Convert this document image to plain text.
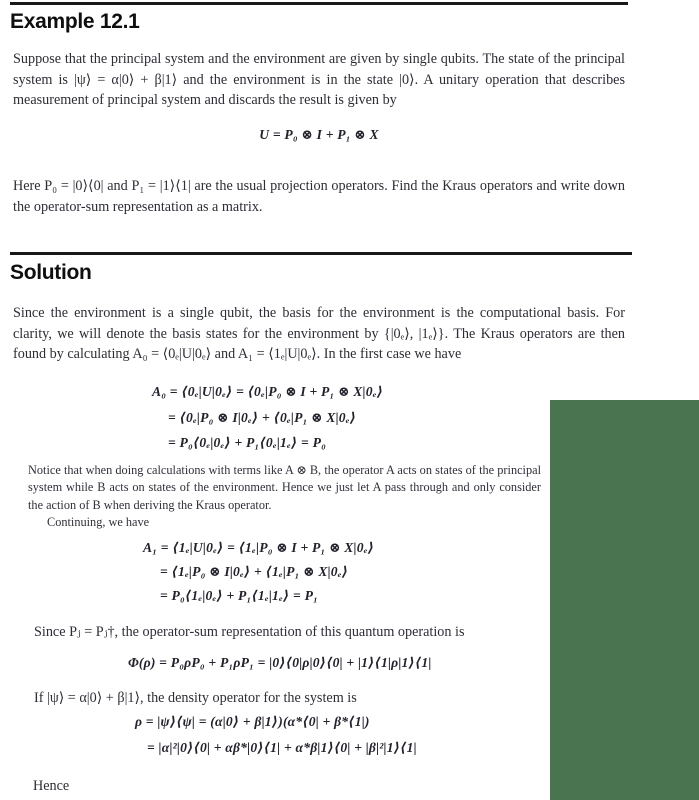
Example 12.1
Suppose that the principal system and the environment are given by single qubits. The state of the principal system is |ψ⟩ = α|0⟩ + β|1⟩ and the environment is in the state |0⟩. A unitary operation that describes measurement of principal system and discards the result is given by
U = P₀ ⊗ I + P₁ ⊗ X
Here P₀ = |0⟩⟨0| and P₁ = |1⟩⟨1| are the usual projection operators. Find the Kraus operators and write down the operator-sum representation as a matrix.
Solution
Since the environment is a single qubit, the basis for the environment is the computational basis. For clarity, we will denote the basis states for the environment by {|0ₑ⟩, |1ₑ⟩}. The Kraus operators are then found by calculating A₀ = ⟨0ₑ|U|0ₑ⟩ and A₁ = ⟨1ₑ|U|0ₑ⟩. In the first case we have
A₀ = ⟨0ₑ|U|0ₑ⟩ = ⟨0ₑ|P₀ ⊗ I + P₁ ⊗ X|0ₑ⟩
= ⟨0ₑ|P₀ ⊗ I|0ₑ⟩ + ⟨0ₑ|P₁ ⊗ X|0ₑ⟩
= P₀⟨0ₑ|0ₑ⟩ + P₁⟨0ₑ|1ₑ⟩ = P₀
Notice that when doing calculations with terms like A ⊗ B, the operator A acts on states of the principal system while B acts on states of the environment. Hence we just let A pass through and only consider the action of B when deriving the Kraus operator.
Continuing, we have
A₁ = ⟨1ₑ|U|0ₑ⟩ = ⟨1ₑ|P₀ ⊗ I + P₁ ⊗ X|0ₑ⟩
= ⟨1ₑ|P₀ ⊗ I|0ₑ⟩ + ⟨1ₑ|P₁ ⊗ X|0ₑ⟩
= P₀⟨1ₑ|0ₑ⟩ + P₁⟨1ₑ|1ₑ⟩ = P₁
Since Pⱼ = Pⱼ†, the operator-sum representation of this quantum operation is
Φ(ρ) = P₀ρP₀ + P₁ρP₁ = |0⟩⟨0|ρ|0⟩⟨0| + |1⟩⟨1|ρ|1⟩⟨1|
If |ψ⟩ = α|0⟩ + β|1⟩, the density operator for the system is
ρ = |ψ⟩⟨ψ| = (α|0⟩ + β|1⟩)(α*⟨0| + β*⟨1|)
= |α|²|0⟩⟨0| + αβ*|0⟩⟨1| + α*β|1⟩⟨0| + |β|²|1⟩⟨1|
Hence
